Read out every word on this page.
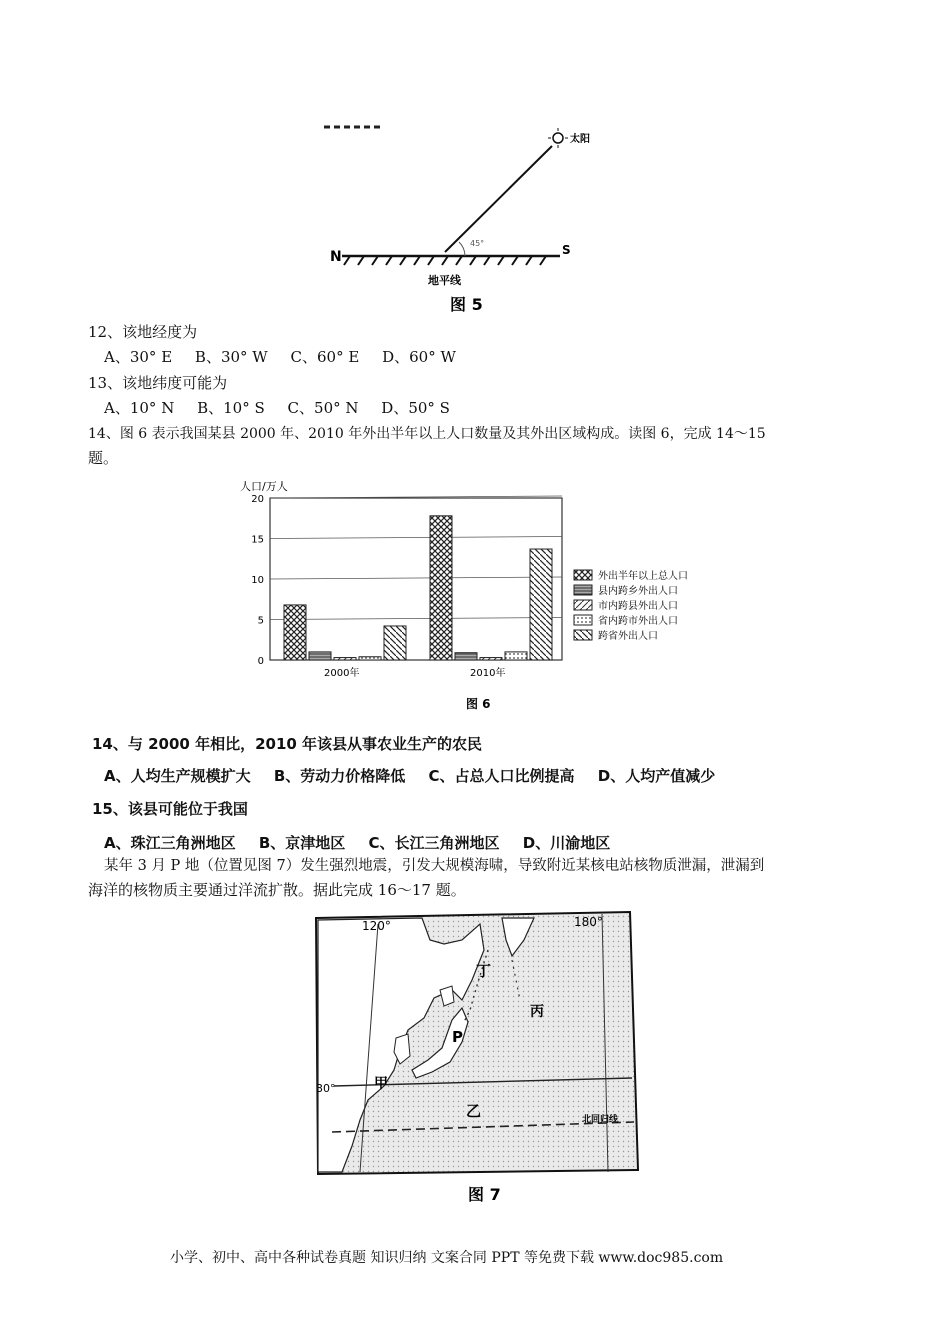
太阳
45°
N	S
地平线
图 5
12、该地经度为
A、30° E B、30° W C、60° E D、60° W
13、该地纬度可能为
A、10° N B、10° S C、50° N D、50° S
14、图 6 表示我国某县 2000 年、2010 年外出半年以上人口数量及其外出区域构成。读图 6，完成 14～15
题。
人口/万人
0
5
10
15
20
2000年	2010年
外出半年以上总人口
县内跨乡外出人口
市内跨县外出人口
省内跨市外出人口
跨省外出人口
图 6
14、与 2000 年相比，2010 年该县从事农业生产的农民
A、人均生产规模扩大 B、劳动力价格降低 C、占总人口比例提高 D、人均产值减少
15、该县可能位于我国
A、珠江三角洲地区 B、京津地区 C、长江三角洲地区 D、川渝地区
某年 3 月 P 地（位置见图 7）发生强烈地震，引发大规模海啸，导致附近某核电站核物质泄漏，泄漏到
海洋的核物质主要通过洋流扩散。据此完成 16～17 题。
120°	180°
30°
北回归线
丁
丙
P
甲
乙
图 7
小学、初中、高中各种试卷真题 知识归纳 文案合同 PPT 等免费下载 www.doc985.com
